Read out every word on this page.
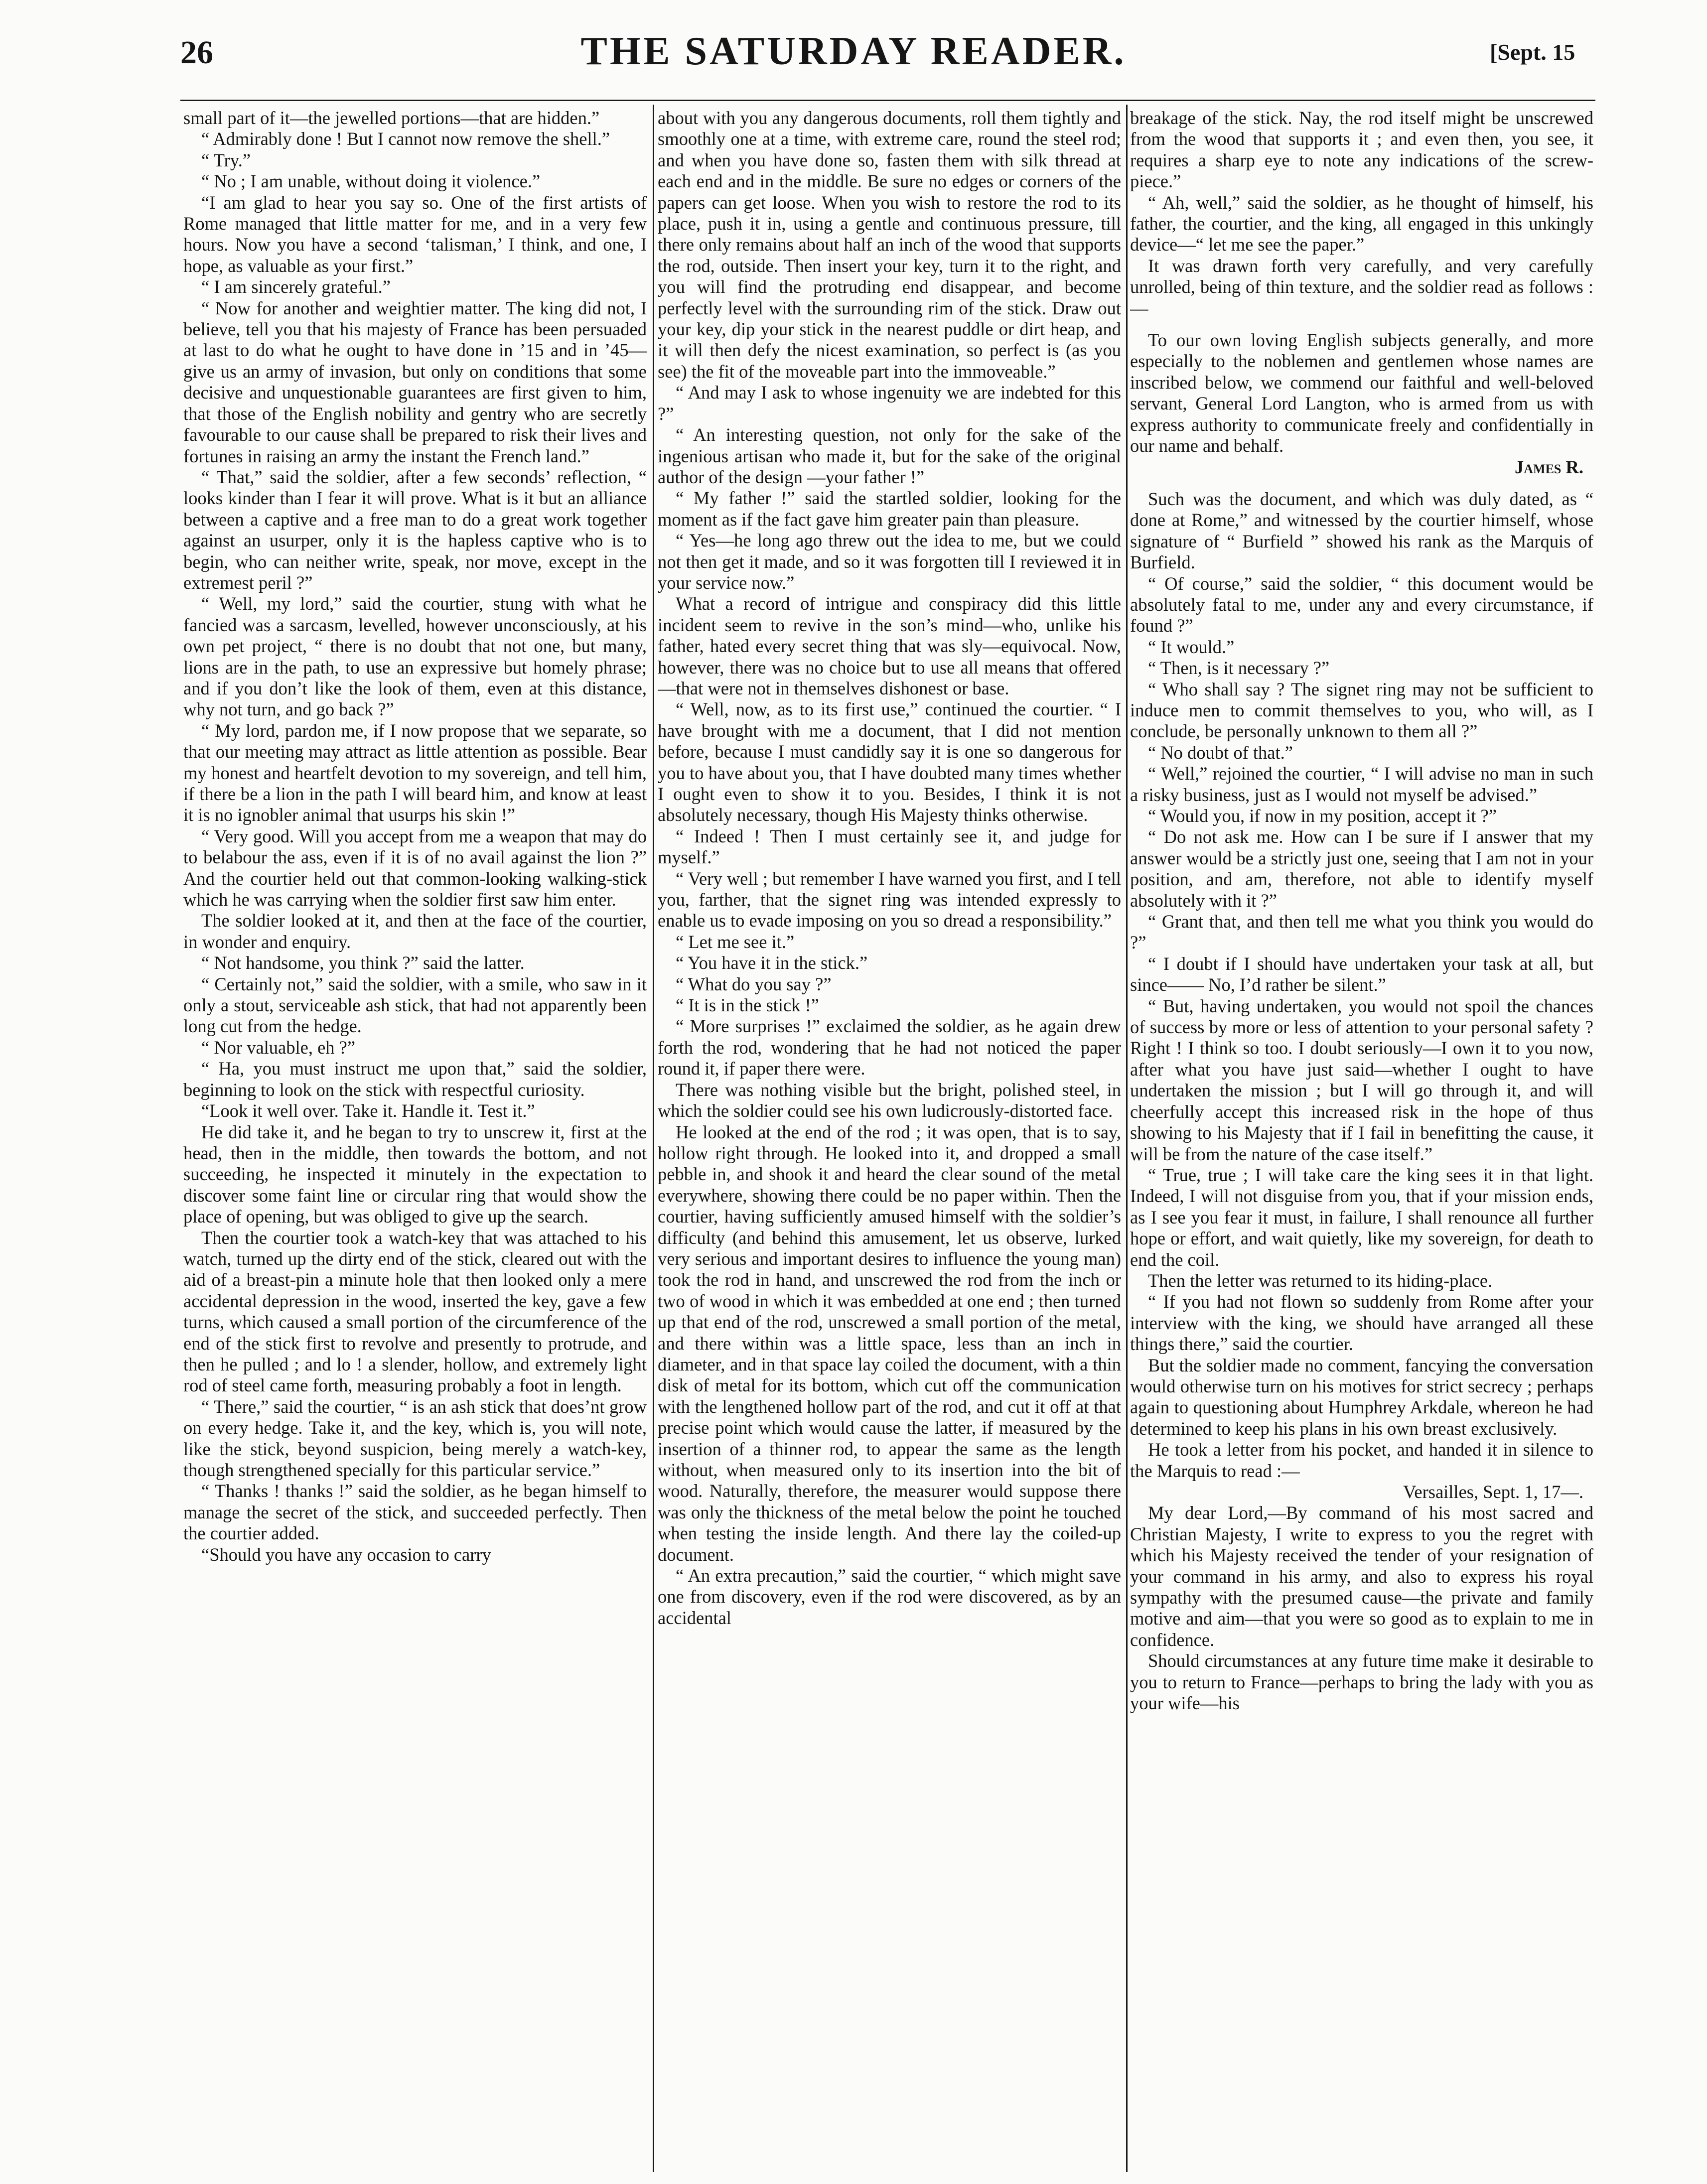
26	THE SATURDAY READER.	[Sept. 15

small part of it—the jewelled portions—that are hidden.”

“ Admirably done ! But I cannot now remove the shell.”

“ Try.”

“ No ; I am unable, without doing it violence.”

“I am glad to hear you say so. One of the first artists of Rome managed that little matter for me, and in a very few hours. Now you have a second ‘talisman,’ I think, and one, I hope, as valuable as your first.”

“ I am sincerely grateful.”

“ Now for another and weightier matter. The king did not, I believe, tell you that his majesty of France has been persuaded at last to do what he ought to have done in ’15 and in ’45—give us an army of invasion, but only on conditions that some decisive and unquestionable guarantees are first given to him, that those of the English nobility and gentry who are secretly favourable to our cause shall be prepared to risk their lives and fortunes in raising an army the instant the French land.”

“ That,” said the soldier, after a few seconds’ reflection, “ looks kinder than I fear it will prove. What is it but an alliance between a captive and a free man to do a great work together against an usurper, only it is the hapless captive who is to begin, who can neither write, speak, nor move, except in the extremest peril ?”

“ Well, my lord,” said the courtier, stung with what he fancied was a sarcasm, levelled, however unconsciously, at his own pet project, “ there is no doubt that not one, but many, lions are in the path, to use an expressive but homely phrase; and if you don’t like the look of them, even at this distance, why not turn, and go back ?”

“ My lord, pardon me, if I now propose that we separate, so that our meeting may attract as little attention as possible. Bear my honest and heartfelt devotion to my sovereign, and tell him, if there be a lion in the path I will beard him, and know at least it is no ignobler animal that usurps his skin !”

“ Very good. Will you accept from me a weapon that may do to belabour the ass, even if it is of no avail against the lion ?” And the courtier held out that common-looking walking-stick which he was carrying when the soldier first saw him enter.

The soldier looked at it, and then at the face of the courtier, in wonder and enquiry.

“ Not handsome, you think ?” said the latter.

“ Certainly not,” said the soldier, with a smile, who saw in it only a stout, serviceable ash stick, that had not apparently been long cut from the hedge.

“ Nor valuable, eh ?”

“ Ha, you must instruct me upon that,” said the soldier, beginning to look on the stick with respectful curiosity.

“Look it well over. Take it. Handle it. Test it.”

He did take it, and he began to try to unscrew it, first at the head, then in the middle, then towards the bottom, and not succeeding, he inspected it minutely in the expectation to discover some faint line or circular ring that would show the place of opening, but was obliged to give up the search.

Then the courtier took a watch-key that was attached to his watch, turned up the dirty end of the stick, cleared out with the aid of a breast-pin a minute hole that then looked only a mere accidental depression in the wood, inserted the key, gave a few turns, which caused a small portion of the circumference of the end of the stick first to revolve and presently to protrude, and then he pulled ; and lo ! a slender, hollow, and extremely light rod of steel came forth, measuring probably a foot in length.

“ There,” said the courtier, “ is an ash stick that does’nt grow on every hedge. Take it, and the key, which is, you will note, like the stick, beyond suspicion, being merely a watch-key, though strengthened specially for this particular service.”

“ Thanks ! thanks !” said the soldier, as he began himself to manage the secret of the stick, and succeeded perfectly. Then the courtier added.

“Should you have any occasion to carry

about with you any dangerous documents, roll them tightly and smoothly one at a time, with extreme care, round the steel rod; and when you have done so, fasten them with silk thread at each end and in the middle. Be sure no edges or corners of the papers can get loose. When you wish to restore the rod to its place, push it in, using a gentle and continuous pressure, till there only remains about half an inch of the wood that supports the rod, outside. Then insert your key, turn it to the right, and you will find the protruding end disappear, and become perfectly level with the surrounding rim of the stick. Draw out your key, dip your stick in the nearest puddle or dirt heap, and it will then defy the nicest examination, so perfect is (as you see) the fit of the moveable part into the immoveable.”

“ And may I ask to whose ingenuity we are indebted for this ?”

“ An interesting question, not only for the sake of the ingenious artisan who made it, but for the sake of the original author of the design —your father !”

“ My father !” said the startled soldier, looking for the moment as if the fact gave him greater pain than pleasure.

“ Yes—he long ago threw out the idea to me, but we could not then get it made, and so it was forgotten till I reviewed it in your service now.”

What a record of intrigue and conspiracy did this little incident seem to revive in the son’s mind—who, unlike his father, hated every secret thing that was sly—equivocal. Now, however, there was no choice but to use all means that offered—that were not in themselves dishonest or base.

“ Well, now, as to its first use,” continued the courtier. “ I have brought with me a document, that I did not mention before, because I must candidly say it is one so dangerous for you to have about you, that I have doubted many times whether I ought even to show it to you. Besides, I think it is not absolutely necessary, though His Majesty thinks otherwise.

“ Indeed ! Then I must certainly see it, and judge for myself.”

“ Very well ; but remember I have warned you first, and I tell you, farther, that the signet ring was intended expressly to enable us to evade imposing on you so dread a responsibility.”

“ Let me see it.”

“ You have it in the stick.”

“ What do you say ?”

“ It is in the stick !”

“ More surprises !” exclaimed the soldier, as he again drew forth the rod, wondering that he had not noticed the paper round it, if paper there were.

There was nothing visible but the bright, polished steel, in which the soldier could see his own ludicrously-distorted face.

He looked at the end of the rod ; it was open, that is to say, hollow right through. He looked into it, and dropped a small pebble in, and shook it and heard the clear sound of the metal everywhere, showing there could be no paper within. Then the courtier, having sufficiently amused himself with the soldier’s difficulty (and behind this amusement, let us observe, lurked very serious and important desires to influence the young man) took the rod in hand, and unscrewed the rod from the inch or two of wood in which it was embedded at one end ; then turned up that end of the rod, unscrewed a small portion of the metal, and there within was a little space, less than an inch in diameter, and in that space lay coiled the document, with a thin disk of metal for its bottom, which cut off the communication with the lengthened hollow part of the rod, and cut it off at that precise point which would cause the latter, if measured by the insertion of a thinner rod, to appear the same as the length without, when measured only to its insertion into the bit of wood. Naturally, therefore, the measurer would suppose there was only the thickness of the metal below the point he touched when testing the inside length. And there lay the coiled-up document.

“ An extra precaution,” said the courtier, “ which might save one from discovery, even if the rod were discovered, as by an accidental

breakage of the stick. Nay, the rod itself might be unscrewed from the wood that supports it ; and even then, you see, it requires a sharp eye to note any indications of the screw-piece.”

“ Ah, well,” said the soldier, as he thought of himself, his father, the courtier, and the king, all engaged in this unkingly device—“ let me see the paper.”

It was drawn forth very carefully, and very carefully unrolled, being of thin texture, and the soldier read as follows :—

To our own loving English subjects generally, and more especially to the noblemen and gentlemen whose names are inscribed below, we commend our faithful and well-beloved servant, General Lord Langton, who is armed from us with express authority to communicate freely and confidentially in our name and behalf.

James R.

Such was the document, and which was duly dated, as “ done at Rome,” and witnessed by the courtier himself, whose signature of “ Burfield ” showed his rank as the Marquis of Burfield.

“ Of course,” said the soldier, “ this document would be absolutely fatal to me, under any and every circumstance, if found ?”

“ It would.”

“ Then, is it necessary ?”

“ Who shall say ? The signet ring may not be sufficient to induce men to commit themselves to you, who will, as I conclude, be personally unknown to them all ?”

“ No doubt of that.”

“ Well,” rejoined the courtier, “ I will advise no man in such a risky business, just as I would not myself be advised.”

“ Would you, if now in my position, accept it ?”

“ Do not ask me. How can I be sure if I answer that my answer would be a strictly just one, seeing that I am not in your position, and am, therefore, not able to identify myself absolutely with it ?”

“ Grant that, and then tell me what you think you would do ?”

“ I doubt if I should have undertaken your task at all, but since—— No, I’d rather be silent.”

“ But, having undertaken, you would not spoil the chances of success by more or less of attention to your personal safety ? Right ! I think so too. I doubt seriously—I own it to you now, after what you have just said—whether I ought to have undertaken the mission ; but I will go through it, and will cheerfully accept this increased risk in the hope of thus showing to his Majesty that if I fail in benefitting the cause, it will be from the nature of the case itself.”

“ True, true ; I will take care the king sees it in that light. Indeed, I will not disguise from you, that if your mission ends, as I see you fear it must, in failure, I shall renounce all further hope or effort, and wait quietly, like my sovereign, for death to end the coil.

Then the letter was returned to its hiding-place.

“ If you had not flown so suddenly from Rome after your interview with the king, we should have arranged all these things there,” said the courtier.

But the soldier made no comment, fancying the conversation would otherwise turn on his motives for strict secrecy ; perhaps again to questioning about Humphrey Arkdale, whereon he had determined to keep his plans in his own breast exclusively.

He took a letter from his pocket, and handed it in silence to the Marquis to read :—

Versailles, Sept. 1, 17—.

My dear Lord,—By command of his most sacred and Christian Majesty, I write to express to you the regret with which his Majesty received the tender of your resignation of your command in his army, and also to express his royal sympathy with the presumed cause—the private and family motive and aim—that you were so good as to explain to me in confidence.

Should circumstances at any future time make it desirable to you to return to France—perhaps to bring the lady with you as your wife—his
